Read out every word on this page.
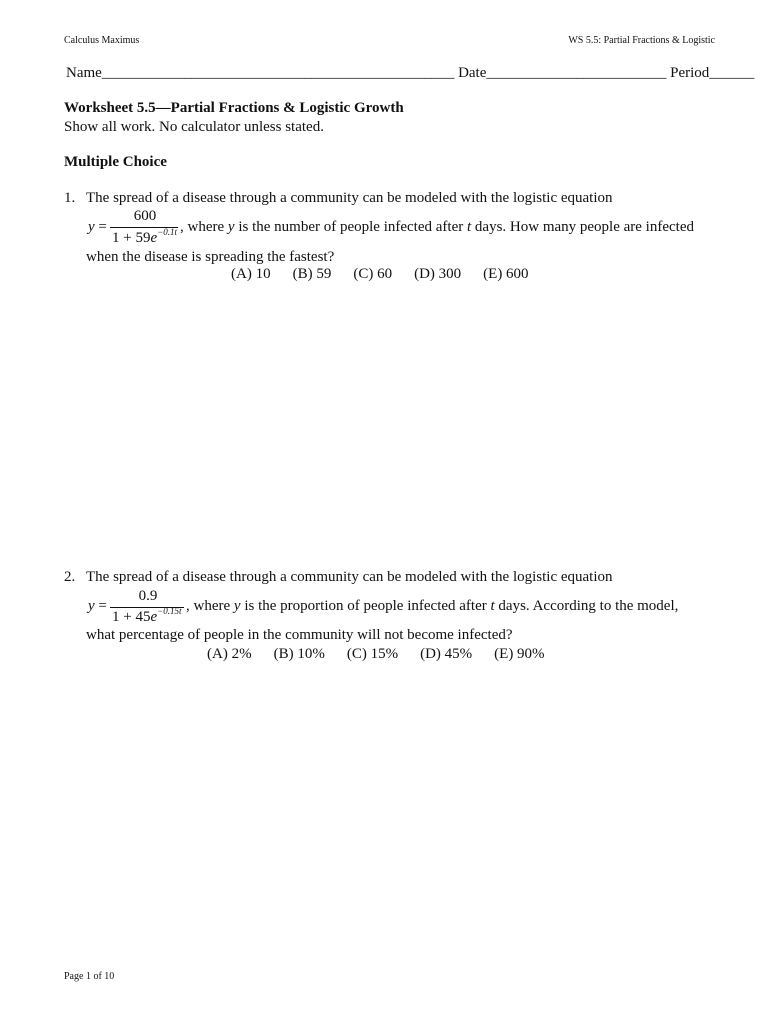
Calculus Maximus	WS 5.5: Partial Fractions & Logistic
Name_______________________________________________ Date________________________ Period______
Worksheet 5.5—Partial Fractions & Logistic Growth
Show all work. No calculator unless stated.
Multiple Choice
1. The spread of a disease through a community can be modeled with the logistic equation
y =
600
$1 + 59e^{-0.1t}$ , where y is the number of people infected after t days. How many people are infected
when the disease is spreading the fastest?
(A) 10 (B) 59 (C) 60 (D) 300 (E) 600
2. The spread of a disease through a community can be modeled with the logistic equation
y =
0.9
$1 + 45e^{-0.15t}$ , where y is the proportion of people infected after t days. According to the model,
what percentage of people in the community will not become infected?
(A) 2% (B) 10% (C) 15% (D) 45% (E) 90%
Page 1 of 10
